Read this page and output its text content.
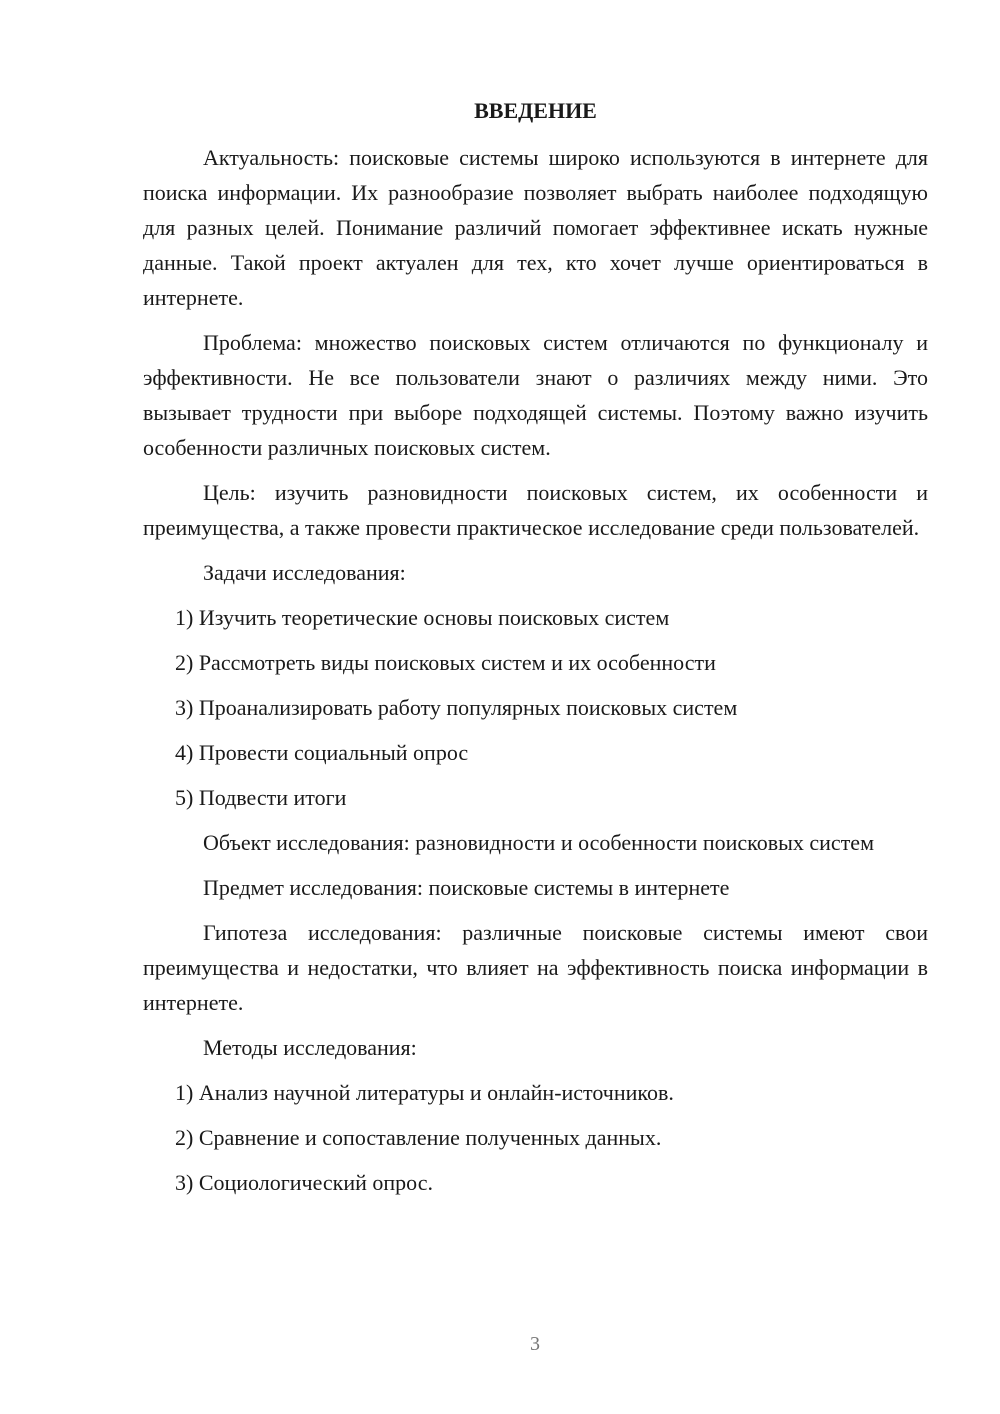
ВВЕДЕНИЕ

Актуальность: поисковые системы широко используются в интернете для поиска информации. Их разнообразие позволяет выбрать наиболее подходящую для разных целей. Понимание различий помогает эффективнее искать нужные данные. Такой проект актуален для тех, кто хочет лучше ориентироваться в интернете.

Проблема: множество поисковых систем отличаются по функционалу и эффективности. Не все пользователи знают о различиях между ними. Это вызывает трудности при выборе подходящей системы. Поэтому важно изучить особенности различных поисковых систем.

Цель: изучить разновидности поисковых систем, их особенности и преимущества, а также провести практическое исследование среди пользователей.

Задачи исследования:

1) Изучить теоретические основы поисковых систем

2) Рассмотреть виды поисковых систем и их особенности

3) Проанализировать работу популярных поисковых систем

4) Провести социальный опрос

5) Подвести итоги

Объект исследования: разновидности и особенности поисковых систем

Предмет исследования: поисковые системы в интернете

Гипотеза исследования: различные поисковые системы имеют свои преимущества и недостатки, что влияет на эффективность поиска информации в интернете.

Методы исследования:

1) Анализ научной литературы и онлайн-источников.

2) Сравнение и сопоставление полученных данных.

3) Социологический опрос.

3
